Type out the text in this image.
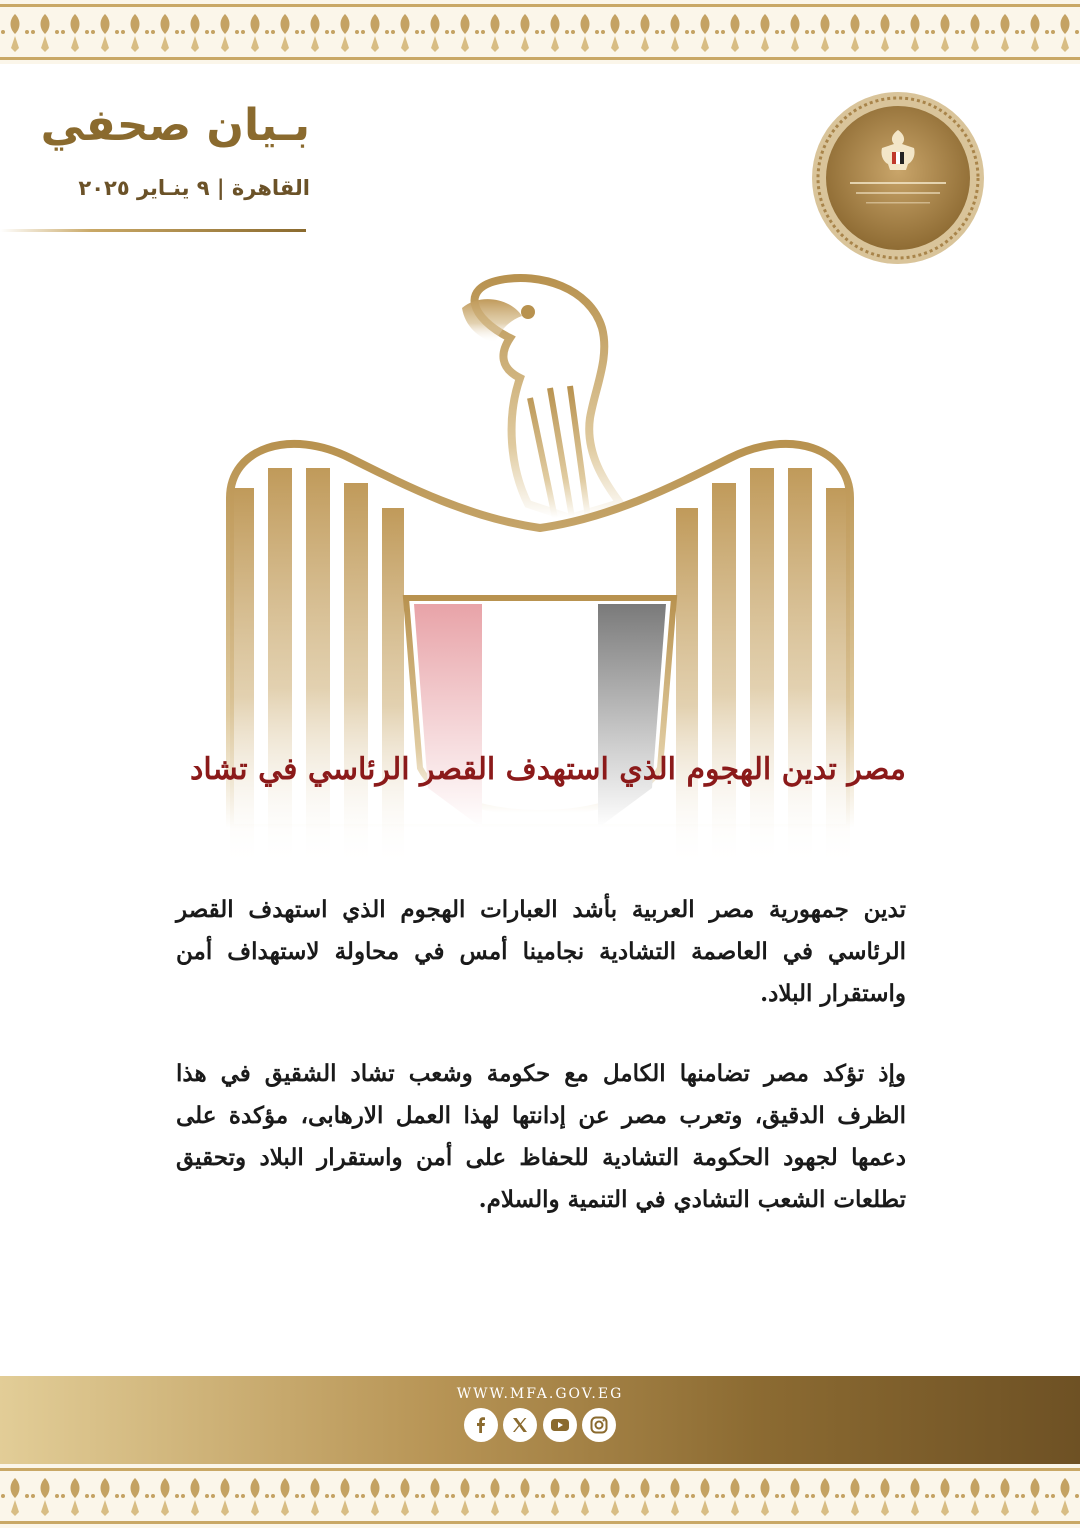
بـيان صحفي
القاهرة | ٩ ينـاير ٢٠٢٥
مصر تدين الهجوم الذي استهدف القصر الرئاسي في تشاد

تدين جمهورية مصر العربية بأشد العبارات الهجوم الذي استهدف القصر الرئاسي في العاصمة التشادية نجامينا أمس في محاولة لاستهداف أمن واستقرار البلاد.

وإذ تؤكد مصر تضامنها الكامل مع حكومة وشعب تشاد الشقيق في هذا الظرف الدقيق، وتعرب مصر عن إدانتها لهذا العمل الارهابى، مؤكدة على دعمها لجهود الحكومة التشادية للحفاظ على أمن واستقرار البلاد وتحقيق تطلعات الشعب التشادي في التنمية والسلام.

WWW.MFA.GOV.EG
